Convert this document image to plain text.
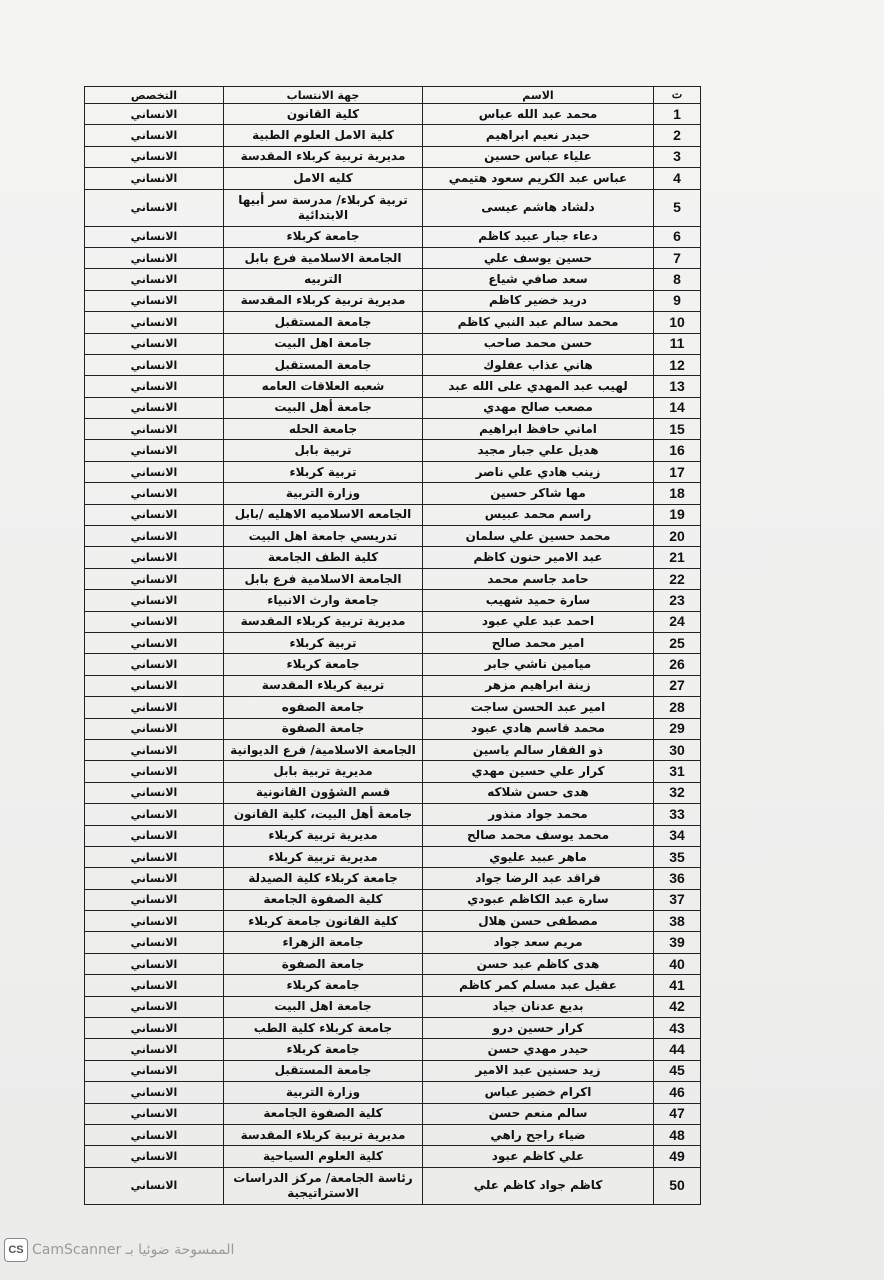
ت	الاسم	جهة الانتساب	التخصص
1	محمد عبد الله عباس	كلية القانون	الانساني
2	حيدر نعيم ابراهيم	كلية الامل العلوم الطبية	الانساني
3	علياء عباس حسين	مديرية تربية كربلاء المقدسة	الانساني
4	عباس عبد الكريم سعود هتيمي	كليه الامل	الانساني
5	دلشاد هاشم عيسى	تربية كربلاء/ مدرسة سر أبيها الابتدائية	الانساني
6	دعاء جبار عبيد كاظم	جامعة كربلاء	الانساني
7	حسين يوسف علي	الجامعة الاسلامية فرع بابل	الانساني
8	سعد صافي شياع	التربيه	الانساني
9	دريد خضير كاظم	مديرية تربية كربلاء المقدسة	الانساني
10	محمد سالم عبد النبي كاظم	جامعة المستقبل	الانساني
11	حسن محمد صاحب	جامعة اهل البيت	الانساني
12	هاني عذاب عفلوك	جامعة المستقبل	الانساني
13	لهيب عبد المهدي على الله عبد	شعبه العلاقات العامه	الانساني
14	مصعب صالح مهدي	جامعة أهل البيت	الانساني
15	اماني حافظ ابراهيم	جامعة الحله	الانساني
16	هديل علي جبار مجيد	تربية بابل	الانساني
17	زينب هادي علي ناصر	تربية كربلاء	الانساني
18	مها شاكر حسين	وزارة التربية	الانساني
19	راسم محمد عبيس	الجامعه الاسلاميه الاهليه /بابل	الانساني
20	محمد حسين علي سلمان	تدريسي جامعة اهل البيت	الانساني
21	عبد الامير حنون كاظم	كلية الطف الجامعة	الانساني
22	حامد جاسم محمد	الجامعة الاسلامية فرع بابل	الانساني
23	سارة حميد شهيب	جامعة وارث الانبياء	الانساني
24	احمد عبد علي عبود	مديرية تربية كربلاء المقدسة	الانساني
25	امير محمد صالح	تربية كربلاء	الانساني
26	ميامين ناشي جابر	جامعة كربلاء	الانساني
27	زينة ابراهيم مزهر	تربية كربلاء المقدسة	الانساني
28	امير عبد الحسن ساجت	جامعة الصفوه	الانساني
29	محمد قاسم هادي عبود	جامعة الصفوة	الانساني
30	ذو الفقار سالم ياسين	الجامعة الاسلامية/ فرع الديوانية	الانساني
31	كرار علي حسين مهدي	مديرية تربية بابل	الانساني
32	هدى حسن شلاكه	قسم الشؤون القانونية	الانساني
33	محمد جواد منذور	جامعة أهل البيت، كلية القانون	الانساني
34	محمد يوسف محمد صالح	مديرية تربية كربلاء	الانساني
35	ماهر عبيد عليوي	مديرية تربية كربلاء	الانساني
36	فراقد عبد الرضا جواد	جامعة كربلاء كلية الصيدلة	الانساني
37	سارة عبد الكاظم عبودي	كلية الصفوة الجامعة	الانساني
38	مصطفى حسن هلال	كلية القانون جامعة كربلاء	الانساني
39	مريم سعد جواد	جامعة الزهراء	الانساني
40	هدى كاظم عبد حسن	جامعة الصفوة	الانساني
41	عقيل عبد مسلم كمر كاظم	جامعة كربلاء	الانساني
42	بديع عدنان جياد	جامعة اهل البيت	الانساني
43	كرار حسين درو	جامعة كربلاء كلية الطب	الانساني
44	حيدر مهدي حسن	جامعة كربلاء	الانساني
45	زيد حسنين عبد الامير	جامعة المستقبل	الانساني
46	اكرام خضير عباس	وزارة التربية	الانساني
47	سالم منعم حسن	كلية الصفوة الجامعة	الانساني
48	ضياء راجح راهي	مديرية تربية كربلاء المقدسة	الانساني
49	علي كاظم عبود	كلية العلوم السياحية	الانساني
50	كاظم جواد كاظم علي	رئاسة الجامعة/ مركز الدراسات الاستراتيجية	الانساني
CS الممسوحة ضوئيا بـ CamScanner
